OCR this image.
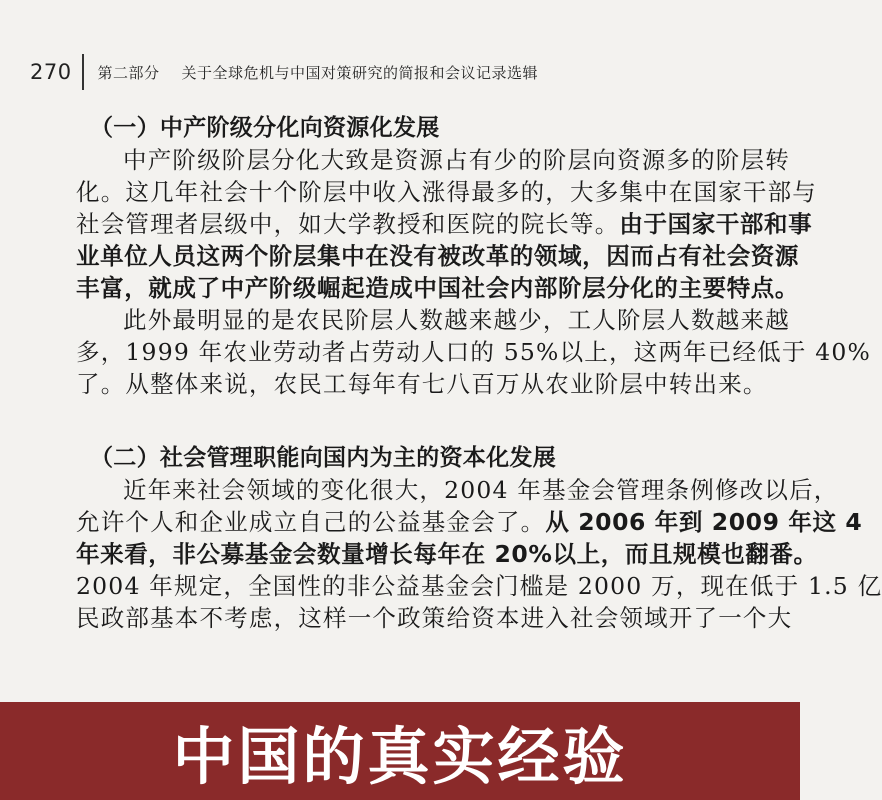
270 第二部分 关于全球危机与中国对策研究的简报和会议记录选辑
（一）中产阶级分化向资源化发展
中产阶级阶层分化大致是资源占有少的阶层向资源多的阶层转
化。这几年社会十个阶层中收入涨得最多的，大多集中在国家干部与
社会管理者层级中，如大学教授和医院的院长等。由于国家干部和事
业单位人员这两个阶层集中在没有被改革的领域，因而占有社会资源
丰富，就成了中产阶级崛起造成中国社会内部阶层分化的主要特点。
此外最明显的是农民阶层人数越来越少，工人阶层人数越来越
多，1999 年农业劳动者占劳动人口的 55%以上，这两年已经低于 40%
了。从整体来说，农民工每年有七八百万从农业阶层中转出来。
（二）社会管理职能向国内为主的资本化发展
近年来社会领域的变化很大，2004 年基金会管理条例修改以后，
允许个人和企业成立自己的公益基金会了。从 2006 年到 2009 年这 4
年来看，非公募基金会数量增长每年在 20%以上，而且规模也翻番。
2004 年规定，全国性的非公益基金会门槛是 2000 万，现在低于 1.5 亿
民政部基本不考虑，这样一个政策给资本进入社会领域开了一个大
中国的真实经验
